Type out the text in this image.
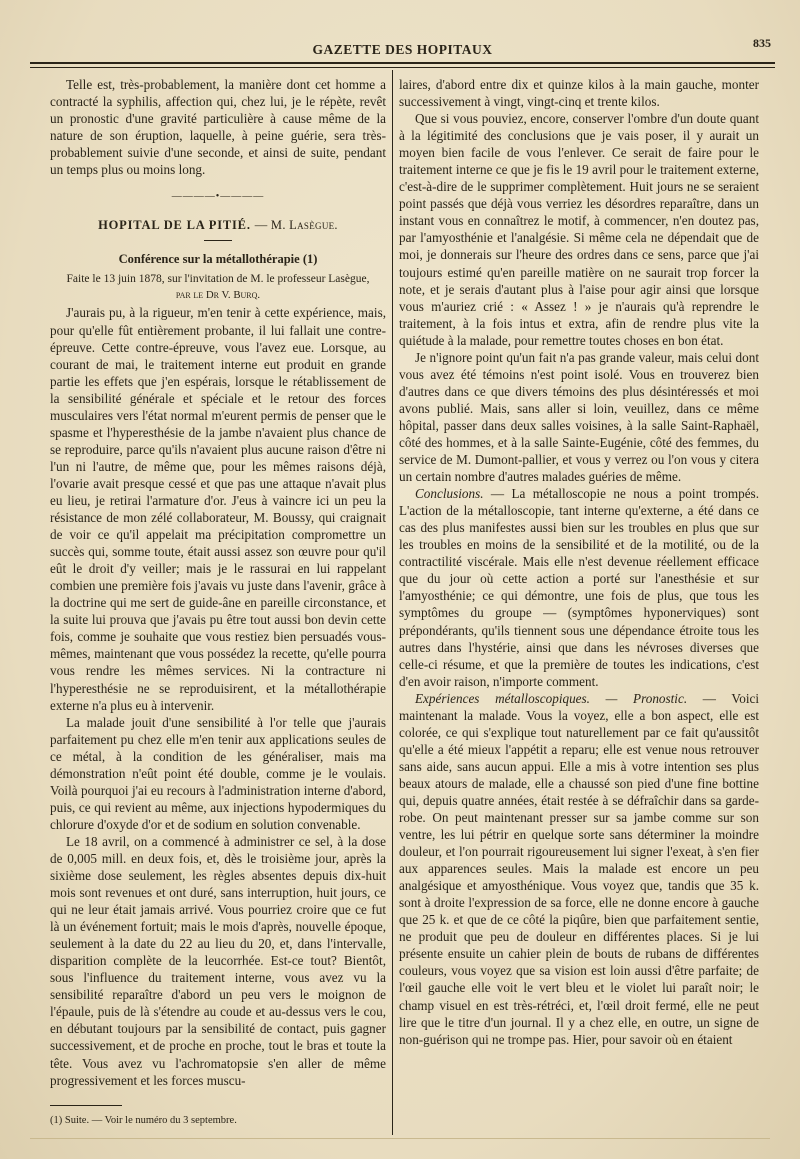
GAZETTE DES HOPITAUX	835

Telle est, très-probablement, la manière dont cet homme a contracté la syphilis, affection qui, chez lui, je le répète, revêt un pronostic d'une gravité particulière à cause même de la nature de son éruption, laquelle, à peine guérie, sera très-probablement suivie d'une seconde, et ainsi de suite, pendant un temps plus ou moins long.

————•————
HOPITAL DE LA PITIÉ. — M. Lasègue.
Conférence sur la métallothérapie (1)

Faite le 13 juin 1878, sur l'invitation de M. le professeur Lasègue,

par le Dr V. Burq.

J'aurais pu, à la rigueur, m'en tenir à cette expérience, mais, pour qu'elle fût entièrement probante, il lui fallait une contre-épreuve. Cette contre-épreuve, vous l'avez eue. Lorsque, au courant de mai, le traitement interne eut produit en grande partie les effets que j'en espérais, lorsque le rétablissement de la sensibilité générale et spéciale et le retour des forces musculaires vers l'état normal m'eurent permis de penser que le spasme et l'hyperesthésie de la jambe n'avaient plus chance de se reproduire, parce qu'ils n'avaient plus aucune raison d'être ni l'un ni l'autre, de même que, pour les mêmes raisons déjà, l'ovarie avait presque cessé et que pas une attaque n'avait plus eu lieu, je retirai l'armature d'or. J'eus à vaincre ici un peu la résistance de mon zélé collaborateur, M. Boussy, qui craignait de voir ce qu'il appelait ma précipitation compromettre un succès qui, somme toute, était aussi assez son œuvre pour qu'il eût le droit d'y veiller; mais je le rassurai en lui rappelant combien une première fois j'avais vu juste dans l'avenir, grâce à la doctrine qui me sert de guide-âne en pareille circonstance, et la suite lui prouva que j'avais pu être tout aussi bon devin cette fois, comme je souhaite que vous restiez bien persuadés vous-mêmes, maintenant que vous possédez la recette, qu'elle pourra vous rendre les mêmes services. Ni la contracture ni l'hyperesthésie ne se reproduisirent, et la métallothérapie externe n'a plus eu à intervenir.

La malade jouit d'une sensibilité à l'or telle que j'aurais parfaitement pu chez elle m'en tenir aux applications seules de ce métal, à la condition de les généraliser, mais ma démonstration n'eût point été double, comme je le voulais. Voilà pourquoi j'ai eu recours à l'administration interne d'abord, puis, ce qui revient au même, aux injections hypodermiques du chlorure d'oxyde d'or et de sodium en solution convenable.

Le 18 avril, on a commencé à administrer ce sel, à la dose de 0,005 mill. en deux fois, et, dès le troisième jour, après la sixième dose seulement, les règles absentes depuis dix-huit mois sont revenues et ont duré, sans interruption, huit jours, ce qui ne leur était jamais arrivé. Vous pourriez croire que ce fut là un événement fortuit; mais le mois d'après, nouvelle époque, seulement à la date du 22 au lieu du 20, et, dans l'intervalle, disparition complète de la leucorrhée. Est-ce tout? Bientôt, sous l'influence du traitement interne, vous avez vu la sensibilité reparaître d'abord un peu vers le moignon de l'épaule, puis de là s'étendre au coude et au-dessus vers le cou, en débutant toujours par la sensibilité de contact, puis gagner successivement, et de proche en proche, tout le bras et toute la tête. Vous avez vu l'achromatopsie s'en aller de même progressivement et les forces muscu-

(1) Suite. — Voir le numéro du 3 septembre.

laires, d'abord entre dix et quinze kilos à la main gauche, monter successivement à vingt, vingt-cinq et trente kilos.

Que si vous pouviez, encore, conserver l'ombre d'un doute quant à la légitimité des conclusions que je vais poser, il y aurait un moyen bien facile de vous l'enlever. Ce serait de faire pour le traitement interne ce que je fis le 19 avril pour le traitement externe, c'est-à-dire de le supprimer complètement. Huit jours ne se seraient point passés que déjà vous verriez les désordres reparaître, dans un instant vous en connaîtrez le motif, à commencer, n'en doutez pas, par l'amyosthénie et l'analgésie. Si même cela ne dépendait que de moi, je donnerais sur l'heure des ordres dans ce sens, parce que j'ai toujours estimé qu'en pareille matière on ne saurait trop forcer la note, et je serais d'autant plus à l'aise pour agir ainsi que lorsque vous m'auriez crié : « Assez ! » je n'aurais qu'à reprendre le traitement, à la fois intus et extra, afin de rendre plus vite la quiétude à la malade, pour remettre toutes choses en bon état.

Je n'ignore point qu'un fait n'a pas grande valeur, mais celui dont vous avez été témoins n'est point isolé. Vous en trouverez bien d'autres dans ce que divers témoins des plus désintéressés et moi avons publié. Mais, sans aller si loin, veuillez, dans ce même hôpital, passer dans deux salles voisines, à la salle Saint-Raphaël, côté des hommes, et à la salle Sainte-Eugénie, côté des femmes, du service de M. Dumont-pallier, et vous y verrez ou l'on vous y citera un certain nombre d'autres malades guéries de même.

Conclusions. — La métalloscopie ne nous a point trompés. L'action de la métalloscopie, tant interne qu'externe, a été dans ce cas des plus manifestes aussi bien sur les troubles en plus que sur les troubles en moins de la sensibilité et de la motilité, ou de la contractilité viscérale. Mais elle n'est devenue réellement efficace que du jour où cette action a porté sur l'anesthésie et sur l'amyosthénie; ce qui démontre, une fois de plus, que tous les symptômes du groupe — (symptômes hyponerviques) sont prépondérants, qu'ils tiennent sous une dépendance étroite tous les autres dans l'hystérie, ainsi que dans les névroses diverses que celle-ci résume, et que la première de toutes les indications, c'est d'en avoir raison, n'importe comment.

Expériences métalloscopiques. — Pronostic. — Voici maintenant la malade. Vous la voyez, elle a bon aspect, elle est colorée, ce qui s'explique tout naturellement par ce fait qu'aussitôt qu'elle a été mieux l'appétit a reparu; elle est venue nous retrouver sans aide, sans aucun appui. Elle a mis à votre intention ses plus beaux atours de malade, elle a chaussé son pied d'une fine bottine qui, depuis quatre années, était restée à se défraîchir dans sa garde-robe. On peut maintenant presser sur sa jambe comme sur son ventre, les lui pétrir en quelque sorte sans déterminer la moindre douleur, et l'on pourrait rigoureusement lui signer l'exeat, à s'en fier aux apparences seules. Mais la malade est encore un peu analgésique et amyosthénique. Vous voyez que, tandis que 35 k. sont à droite l'expression de sa force, elle ne donne encore à gauche que 25 k. et que de ce côté la piqûre, bien que parfaitement sentie, ne produit que peu de douleur en différentes places. Si je lui présente ensuite un cahier plein de bouts de rubans de différentes couleurs, vous voyez que sa vision est loin aussi d'être parfaite; de l'œil gauche elle voit le vert bleu et le violet lui paraît noir; le champ visuel en est très-rétréci, et, l'œil droit fermé, elle ne peut lire que le titre d'un journal. Il y a chez elle, en outre, un signe de non-guérison qui ne trompe pas. Hier, pour savoir où en étaient
